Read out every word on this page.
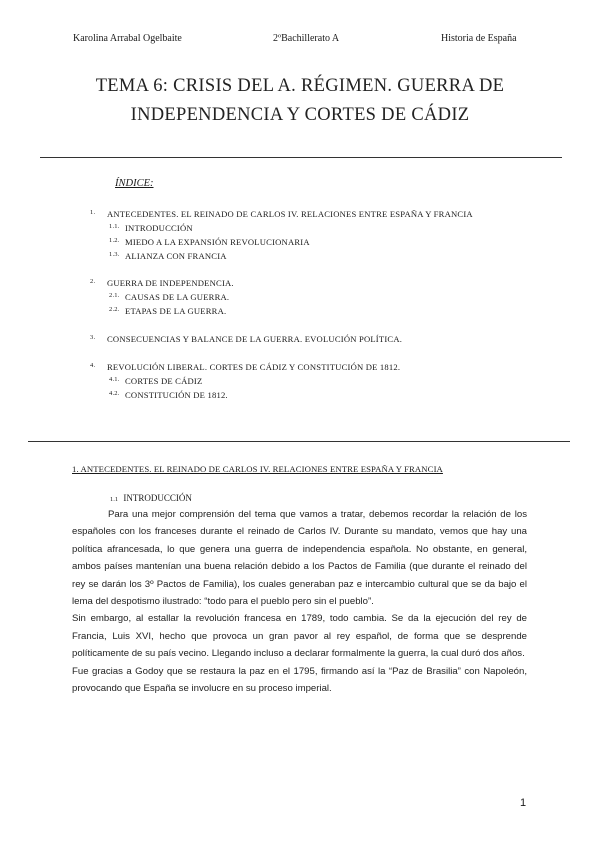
Karolina Arrabal Ogelbaite	2ºBachillerato A	Historia de España
TEMA 6: CRISIS DEL A. RÉGIMEN. GUERRA DE
INDEPENDENCIA Y CORTES DE CÁDIZ
ÍNDICE:
1. ANTECEDENTES. EL REINADO DE CARLOS IV. RELACIONES ENTRE ESPAÑA Y FRANCIA
1.1. INTRODUCCIÓN
1.2. MIEDO A LA EXPANSIÓN REVOLUCIONARIA
1.3. ALIANZA CON FRANCIA
2. GUERRA DE INDEPENDENCIA.
2.1. CAUSAS DE LA GUERRA.
2.2. ETAPAS DE LA GUERRA.
3. CONSECUENCIAS Y BALANCE DE LA GUERRA. EVOLUCIÓN POLÍTICA.
4. REVOLUCIÓN LIBERAL. CORTES DE CÁDIZ Y CONSTITUCIÓN DE 1812.
4.1. CORTES DE CÁDIZ
4.2. CONSTITUCIÓN DE 1812.
1. ANTECEDENTES. EL REINADO DE CARLOS IV. RELACIONES ENTRE ESPAÑA Y FRANCIA
1.1 INTRODUCCIÓN

Para una mejor comprensión del tema que vamos a tratar, debemos recordar la relación de los españoles con los franceses durante el reinado de Carlos IV. Durante su mandato, vemos que hay una política afrancesada, lo que genera una guerra de independencia española. No obstante, en general, ambos países mantenían una buena relación debido a los Pactos de Familia (que durante el reinado del rey se darán los 3º Pactos de Familia), los cuales generaban paz e intercambio cultural que se da bajo el lema del despotismo ilustrado: “todo para el pueblo pero sin el pueblo”.

Sin embargo, al estallar la revolución francesa en 1789, todo cambia. Se da la ejecución del rey de Francia, Luis XVI, hecho que provoca un gran pavor al rey español, de forma que se desprende políticamente de su país vecino. Llegando incluso a declarar formalmente la guerra, la cual duró dos años.

Fue gracias a Godoy que se restaura la paz en el 1795, firmando así la “Paz de Brasilia” con Napoleón, provocando que España se involucre en su proceso imperial.

1
